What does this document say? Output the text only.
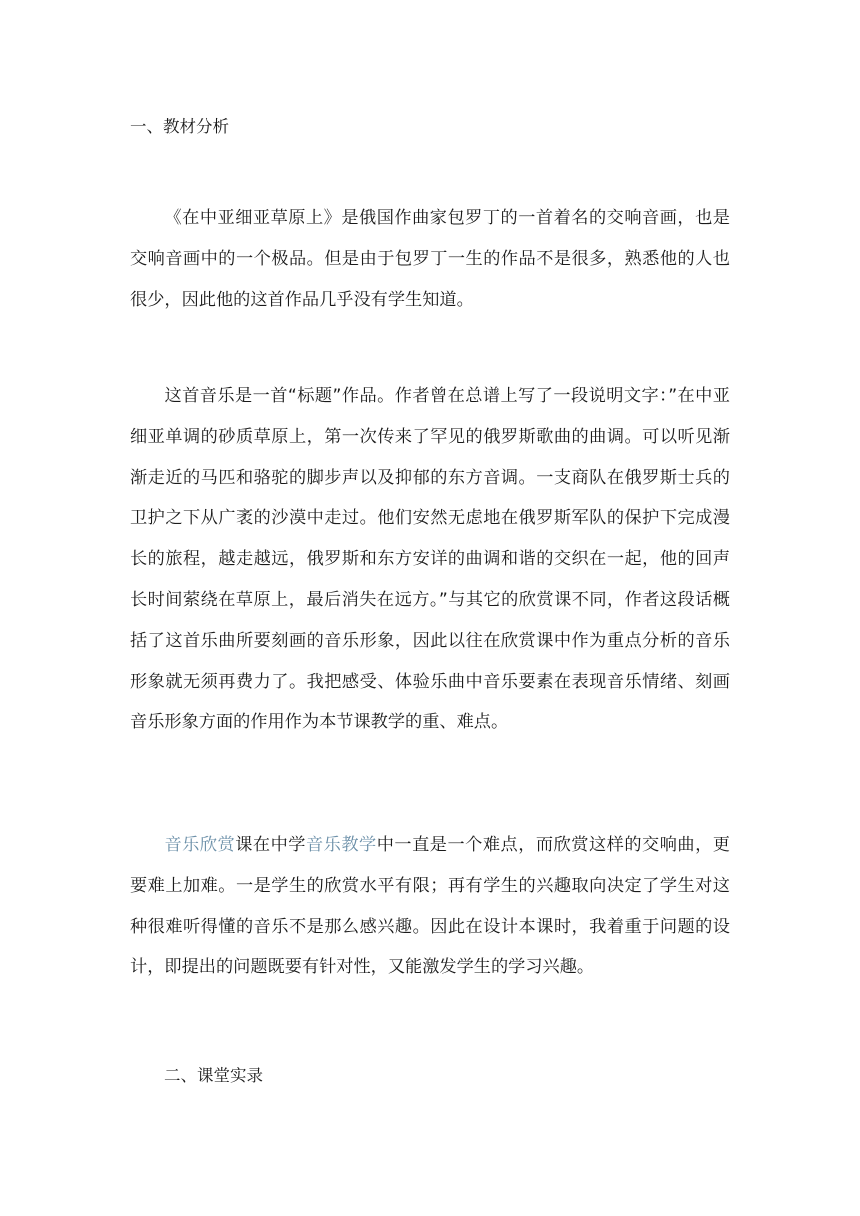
一、教材分析
《在中亚细亚草原上》是俄国作曲家包罗丁的一首着名的交响音画，也是交响音画中的一个极品。但是由于包罗丁一生的作品不是很多，熟悉他的人也很少，因此他的这首作品几乎没有学生知道。
这首音乐是一首“标题”作品。作者曾在总谱上写了一段说明文字：”在中亚细亚单调的砂质草原上，第一次传来了罕见的俄罗斯歌曲的曲调。可以听见渐渐走近的马匹和骆驼的脚步声以及抑郁的东方音调。一支商队在俄罗斯士兵的卫护之下从广袤的沙漠中走过。他们安然无虑地在俄罗斯军队的保护下完成漫长的旅程，越走越远，俄罗斯和东方安详的曲调和谐的交织在一起，他的回声长时间萦绕在草原上，最后消失在远方。”与其它的欣赏课不同，作者这段话概括了这首乐曲所要刻画的音乐形象，因此以往在欣赏课中作为重点分析的音乐形象就无须再费力了。我把感受、体验乐曲中音乐要素在表现音乐情绪、刻画音乐形象方面的作用作为本节课教学的重、难点。
音乐欣赏课在中学音乐教学中一直是一个难点，而欣赏这样的交响曲，更要难上加难。一是学生的欣赏水平有限；再有学生的兴趣取向决定了学生对这种很难听得懂的音乐不是那么感兴趣。因此在设计本课时，我着重于问题的设计，即提出的问题既要有针对性，又能激发学生的学习兴趣。
二、课堂实录
